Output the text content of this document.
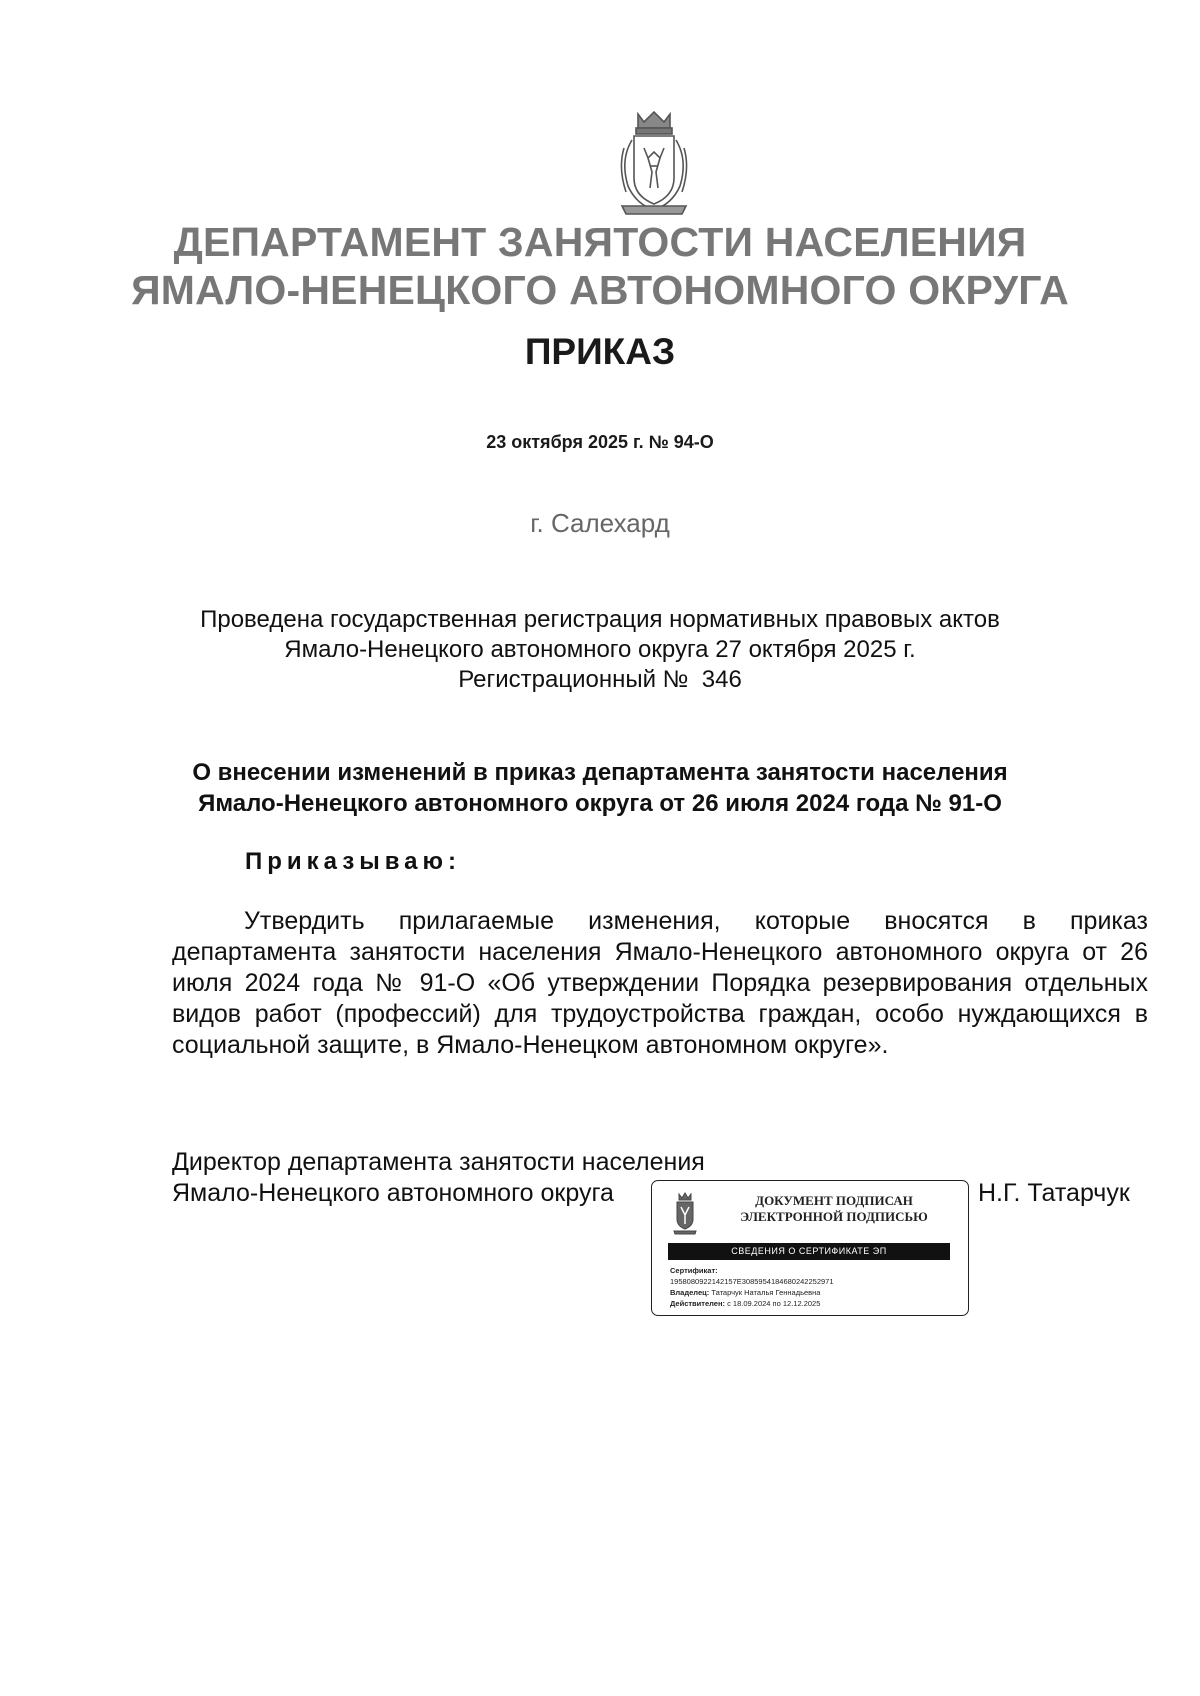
ДЕПАРТАМЕНТ ЗАНЯТОСТИ НАСЕЛЕНИЯ
ЯМАЛО-НЕНЕЦКОГО АВТОНОМНОГО ОКРУГА
ПРИКАЗ
23 октября 2025 г. № 94-О
г. Салехард
Проведена государственная регистрация нормативных правовых актов
Ямало-Ненецкого автономного округа 27 октября 2025 г.
Регистрационный №  346
О внесении изменений в приказ департамента занятости населения
Ямало-Ненецкого автономного округа от 26 июля 2024 года № 91-О
Приказываю:
Утвердить прилагаемые изменения, которые вносятся в приказ департамента занятости населения Ямало-Ненецкого автономного округа от 26 июля 2024 года № 91-О «Об утверждении Порядка резервирования отдельных видов работ (профессий) для трудоустройства граждан, особо нуждающихся в социальной защите, в Ямало-Ненецком автономном округе».
Директор департамента занятости населения
Ямало-Ненецкого автономного округа	ДОКУМЕНТ ПОДПИСАН
ЭЛЕКТРОННОЙ ПОДПИСЬЮ
СВЕДЕНИЯ О СЕРТИФИКАТЕ ЭП
Сертификат:
1958080922142157E3085954184680242252971
Владелец: Татарчук Наталья Геннадьевна
Действителен: с 18.09.2024 по 12.12.2025
Н.Г. Татарчук
